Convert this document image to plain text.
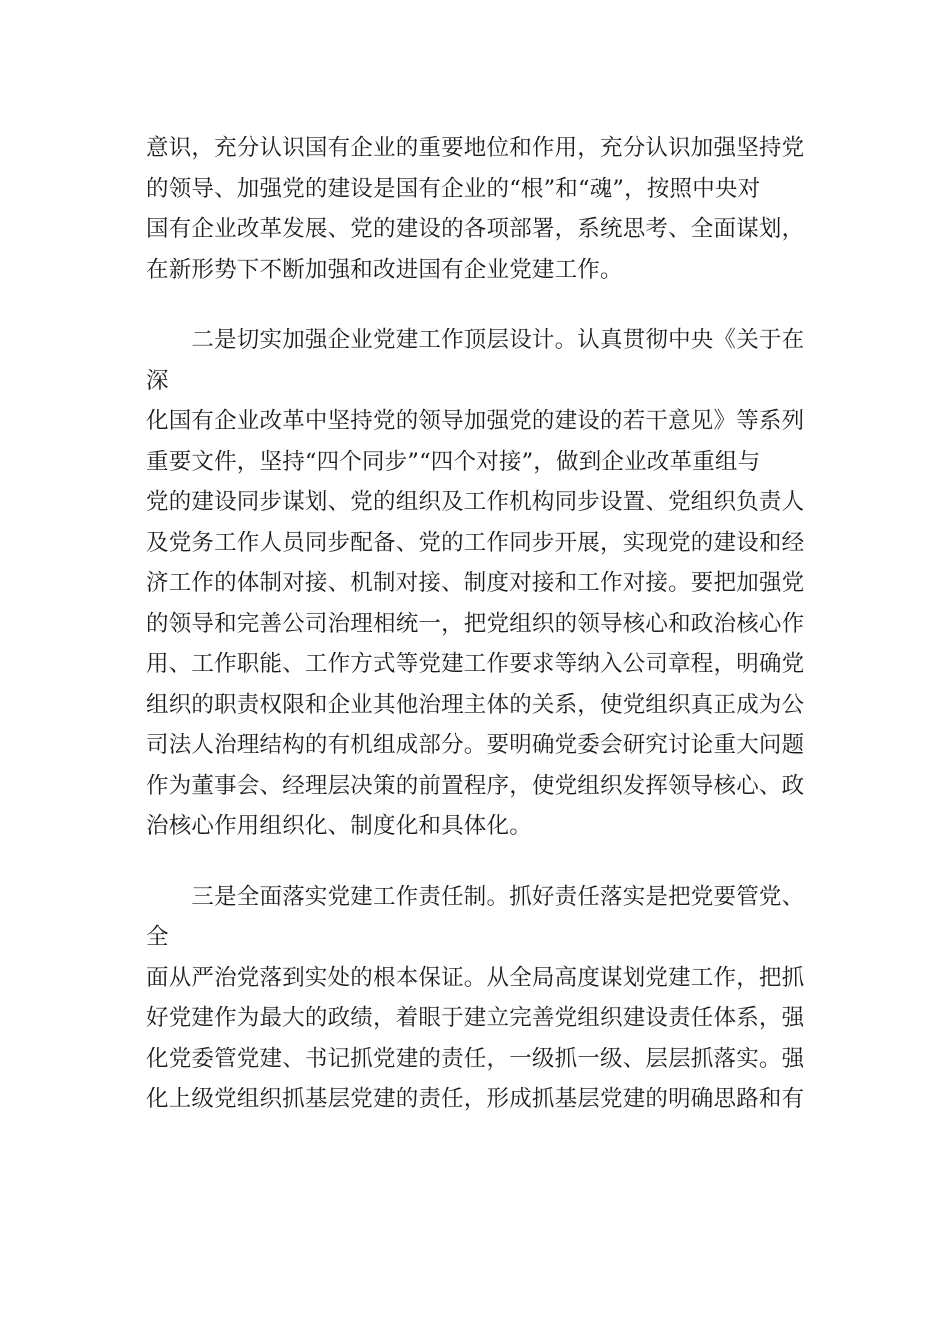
意识，充分认识国有企业的重要地位和作用，充分认识加强坚持党
的领导、加强党的建设是国有企业的“根”和“魂”，按照中央对
国有企业改革发展、党的建设的各项部署，系统思考、全面谋划，
在新形势下不断加强和改进国有企业党建工作。

　　二是切实加强企业党建工作顶层设计。认真贯彻中央《关于在深
化国有企业改革中坚持党的领导加强党的建设的若干意见》等系列
重要文件，坚持“四个同步”“四个对接”，做到企业改革重组与
党的建设同步谋划、党的组织及工作机构同步设置、党组织负责人
及党务工作人员同步配备、党的工作同步开展，实现党的建设和经
济工作的体制对接、机制对接、制度对接和工作对接。要把加强党
的领导和完善公司治理相统一，把党组织的领导核心和政治核心作
用、工作职能、工作方式等党建工作要求等纳入公司章程，明确党
组织的职责权限和企业其他治理主体的关系，使党组织真正成为公
司法人治理结构的有机组成部分。要明确党委会研究讨论重大问题
作为董事会、经理层决策的前置程序，使党组织发挥领导核心、政
治核心作用组织化、制度化和具体化。

　　三是全面落实党建工作责任制。抓好责任落实是把党要管党、全
面从严治党落到实处的根本保证。从全局高度谋划党建工作，把抓
好党建作为最大的政绩，着眼于建立完善党组织建设责任体系，强
化党委管党建、书记抓党建的责任，一级抓一级、层层抓落实。强
化上级党组织抓基层党建的责任，形成抓基层党建的明确思路和有
